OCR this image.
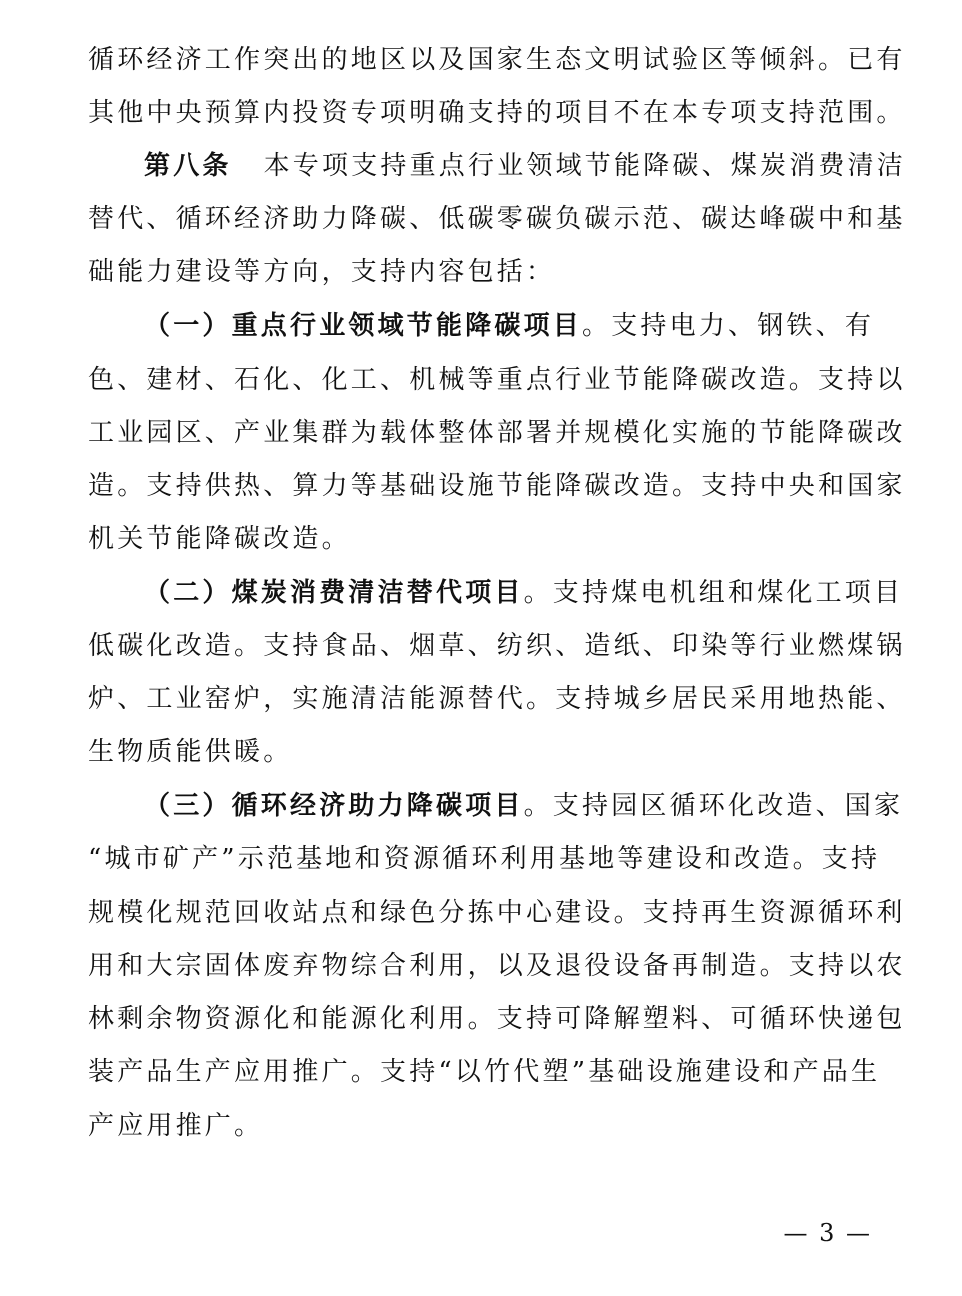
循环经济工作突出的地区以及国家生态文明试验区等倾斜。已有
其他中央预算内投资专项明确支持的项目不在本专项支持范围。
第八条 本专项支持重点行业领域节能降碳、煤炭消费清洁
替代、循环经济助力降碳、低碳零碳负碳示范、碳达峰碳中和基
础能力建设等方向，支持内容包括：
（一）重点行业领域节能降碳项目。支持电力、钢铁、有
色、建材、石化、化工、机械等重点行业节能降碳改造。支持以
工业园区、产业集群为载体整体部署并规模化实施的节能降碳改
造。支持供热、算力等基础设施节能降碳改造。支持中央和国家
机关节能降碳改造。
（二）煤炭消费清洁替代项目。支持煤电机组和煤化工项目
低碳化改造。支持食品、烟草、纺织、造纸、印染等行业燃煤锅
炉、工业窑炉，实施清洁能源替代。支持城乡居民采用地热能、
生物质能供暖。
（三）循环经济助力降碳项目。支持园区循环化改造、国家
“城市矿产”示范基地和资源循环利用基地等建设和改造。支持
规模化规范回收站点和绿色分拣中心建设。支持再生资源循环利
用和大宗固体废弃物综合利用，以及退役设备再制造。支持以农
林剩余物资源化和能源化利用。支持可降解塑料、可循环快递包
装产品生产应用推广。支持“以竹代塑”基础设施建设和产品生
产应用推广。
— 3 —
